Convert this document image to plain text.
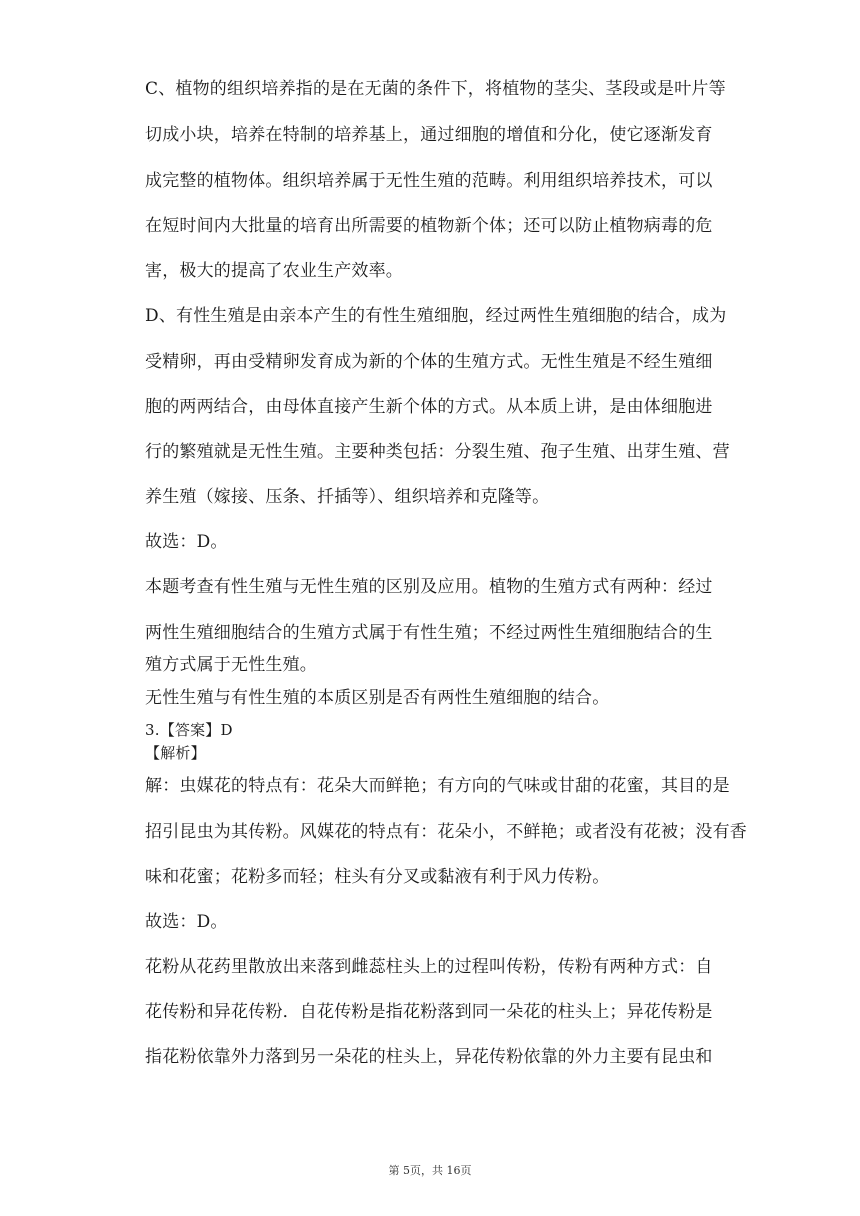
C、植物的组织培养指的是在无菌的条件下，将植物的茎尖、茎段或是叶片等
切成小块，培养在特制的培养基上，通过细胞的增值和分化，使它逐渐发育
成完整的植物体。组织培养属于无性生殖的范畴。利用组织培养技术，可以
在短时间内大批量的培育出所需要的植物新个体；还可以防止植物病毒的危
害，极大的提高了农业生产效率。
D、有性生殖是由亲本产生的有性生殖细胞，经过两性生殖细胞的结合，成为
受精卵，再由受精卵发育成为新的个体的生殖方式。无性生殖是不经生殖细
胞的两两结合，由母体直接产生新个体的方式。从本质上讲，是由体细胞进
行的繁殖就是无性生殖。主要种类包括：分裂生殖、孢子生殖、出芽生殖、营
养生殖（嫁接、压条、扦插等）、组织培养和克隆等。
故选：D。
本题考查有性生殖与无性生殖的区别及应用。植物的生殖方式有两种：经过
两性生殖细胞结合的生殖方式属于有性生殖；不经过两性生殖细胞结合的生
殖方式属于无性生殖。
无性生殖与有性生殖的本质区别是否有两性生殖细胞的结合。
3.【答案】D
【解析】
解：虫媒花的特点有：花朵大而鲜艳；有方向的气味或甘甜的花蜜，其目的是
招引昆虫为其传粉。风媒花的特点有：花朵小，不鲜艳；或者没有花被；没有香
味和花蜜；花粉多而轻；柱头有分叉或黏液有利于风力传粉。
故选：D。
花粉从花药里散放出来落到雌蕊柱头上的过程叫传粉，传粉有两种方式：自
花传粉和异花传粉．自花传粉是指花粉落到同一朵花的柱头上；异花传粉是
指花粉依靠外力落到另一朵花的柱头上，异花传粉依靠的外力主要有昆虫和
第 5页，共 16页
